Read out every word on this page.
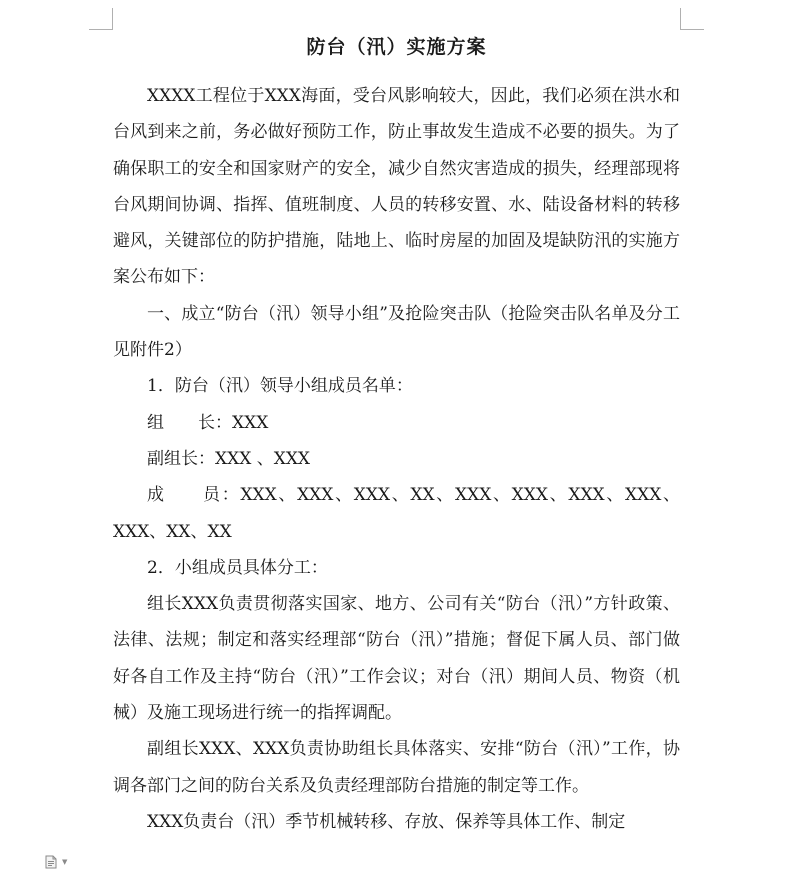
防台（汛）实施方案

XXXX工程位于XXX海面，受台风影响较大，因此，我们必须在洪水和台风到来之前，务必做好预防工作，防止事故发生造成不必要的损失。为了确保职工的安全和国家财产的安全，减少自然灾害造成的损失，经理部现将台风期间协调、指挥、值班制度、人员的转移安置、水、陆设备材料的转移避风，关键部位的防护措施，陆地上、临时房屋的加固及堤缺防汛的实施方案公布如下：

一、成立“防台（汛）领导小组”及抢险突击队（抢险突击队名单及分工见附件2）

1．防台（汛）领导小组成员名单：

组　　长：XXX

副组长：XXX 、XXX

成　　员：XXX、XXX、XXX、XX、XXX、XXX、XXX、XXX、XXX、XX、XX

2．小组成员具体分工：

组长XXX负责贯彻落实国家、地方、公司有关“防台（汛）”方针政策、法律、法规；制定和落实经理部“防台（汛）”措施；督促下属人员、部门做好各自工作及主持“防台（汛）”工作会议；对台（汛）期间人员、物资（机械）及施工现场进行统一的指挥调配。

副组长XXX、XXX负责协助组长具体落实、安排“防台（汛）”工作，协调各部门之间的防台关系及负责经理部防台措施的制定等工作。

XXX负责台（汛）季节机械转移、存放、保养等具体工作、制定

▼
